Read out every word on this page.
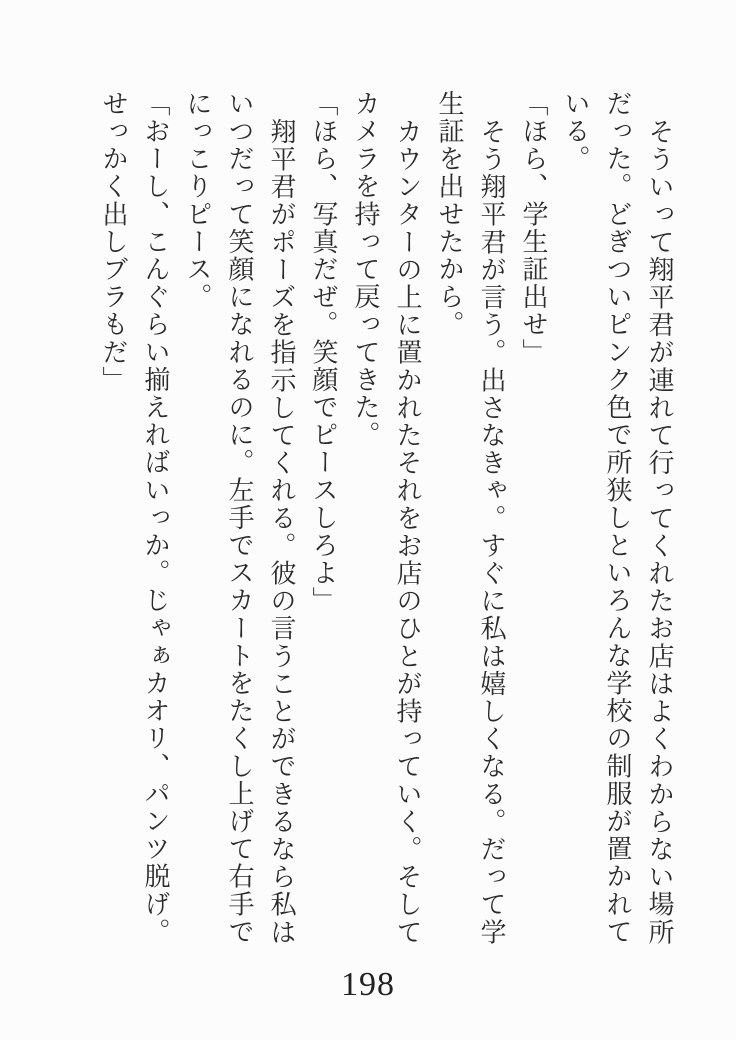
そういって翔平君が連れて行ってくれたお店はよくわからない場所
だった。どぎついピンク色で所狭しといろんな学校の制服が置かれて
いる。
「ほら、学生証出せ」
そう翔平君が言う。出さなきゃ。すぐに私は嬉しくなる。だって学
生証を出せたから。
カウンターの上に置かれたそれをお店のひとが持っていく。そして
カメラを持って戻ってきた。
「ほら、写真だぜ。笑顔でピースしろよ」
翔平君がポーズを指示してくれる。彼の言うことができるなら私は
いつだって笑顔になれるのに。左手でスカートをたくし上げて右手で
にっこりピース。
「おーし、こんぐらい揃えればいっか。じゃぁカオリ、パンツ脱げ。
せっかく出しブラもだ」
198
